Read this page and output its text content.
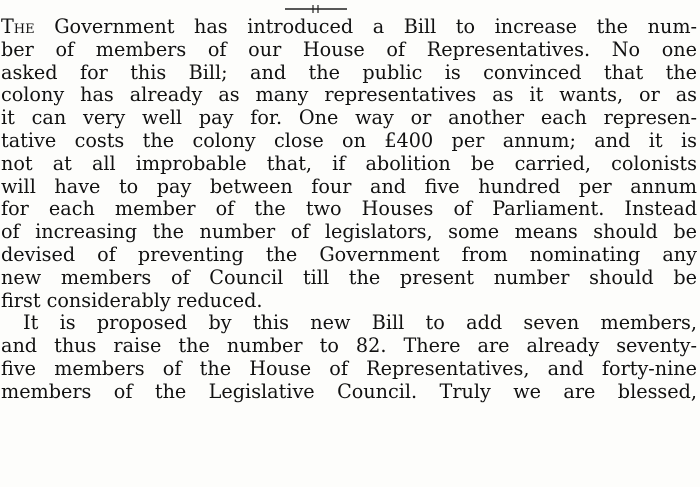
The Government has introduced a Bill to increase the num-
ber of members of our House of Representatives. No one
asked for this Bill; and the public is convinced that the
colony has already as many representatives as it wants, or as
it can very well pay for. One way or another each represen-
tative costs the colony close on £400 per annum; and it is
not at all improbable that, if abolition be carried, colonists
will have to pay between four and five hundred per annum
for each member of the two Houses of Parliament. Instead
of increasing the number of legislators, some means should be
devised of preventing the Government from nominating any
new members of Council till the present number should be
first considerably reduced.

It is proposed by this new Bill to add seven members,
and thus raise the number to 82. There are already seventy-
five members of the House of Representatives, and forty-nine
members of the Legislative Council. Truly we are blessed,
